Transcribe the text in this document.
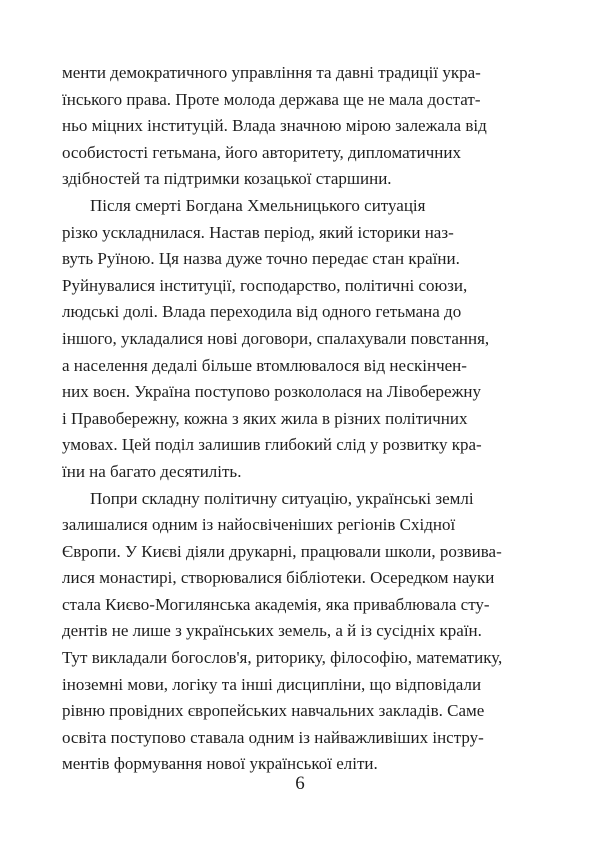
менти демократичного управління та давні традиції укра-
їнського права. Проте молода держава ще не мала достат-
ньо міцних інституцій. Влада значною мірою залежала від
особистості гетьмана, його авторитету, дипломатичних
здібностей та підтримки козацької старшини.

Після смерті Богдана Хмельницького ситуація
різко ускладнилася. Настав період, який історики наз-
вуть Руїною. Ця назва дуже точно передає стан країни.
Руйнувалися інституції, господарство, політичні союзи,
людські долі. Влада переходила від одного гетьмана до
іншого, укладалися нові договори, спалахували повстання,
а населення дедалі більше втомлювалося від нескінчен-
них воєн. Україна поступово розкололася на Лівобережну
і Правобережну, кожна з яких жила в різних політичних
умовах. Цей поділ залишив глибокий слід у розвитку кра-
їни на багато десятиліть.

Попри складну політичну ситуацію, українські землі
залишалися одним із найосвіченіших регіонів Східної
Європи. У Києві діяли друкарні, працювали школи, розвива-
лися монастирі, створювалися бібліотеки. Осередком науки
стала Києво-Могилянська академія, яка приваблювала сту-
дентів не лише з українських земель, а й із сусідніх країн.
Тут викладали богослов'я, риторику, філософію, математику,
іноземні мови, логіку та інші дисципліни, що відповідали
рівню провідних європейських навчальних закладів. Саме
освіта поступово ставала одним із найважливіших інстру-
ментів формування нової української еліти.

6
